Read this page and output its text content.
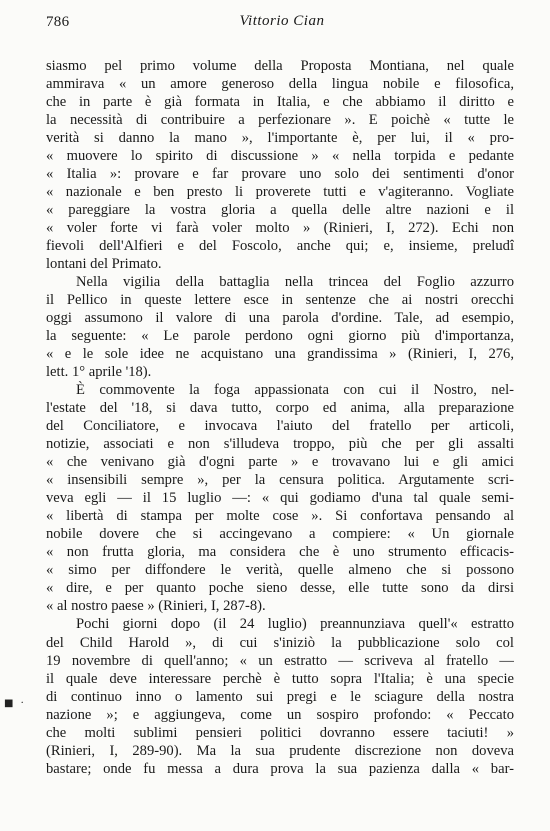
786	Vittorio Cian
siasmo pel primo volume della Proposta Montiana, nel quale
ammirava « un amore generoso della lingua nobile e filosofica,
che in parte è già formata in Italia, e che abbiamo il diritto e
la necessità di contribuire a perfezionare ». E poichè « tutte le
verità si danno la mano », l'importante è, per lui, il « pro-
« muovere lo spirito di discussione » « nella torpida e pedante
« Italia »: provare e far provare uno solo dei sentimenti d'onor
« nazionale e ben presto li proverete tutti e v'agiteranno. Vogliate
« pareggiare la vostra gloria a quella delle altre nazioni e il
« voler forte vi farà voler molto » (Rinieri, I, 272). Echi non
fievoli dell'Alfieri e del Foscolo, anche qui; e, insieme, preludî
lontani del Primato.
Nella vigilia della battaglia nella trincea del Foglio azzurro
il Pellico in queste lettere esce in sentenze che ai nostri orecchi
oggi assumono il valore di una parola d'ordine. Tale, ad esempio,
la seguente: « Le parole perdono ogni giorno più d'importanza,
« e le sole idee ne acquistano una grandissima » (Rinieri, I, 276,
lett. 1° aprile '18).
È commovente la foga appassionata con cui il Nostro, nel-
l'estate del '18, si dava tutto, corpo ed anima, alla preparazione
del Conciliatore, e invocava l'aiuto del fratello per articoli,
notizie, associati e non s'illudeva troppo, più che per gli assalti
« che venivano già d'ogni parte » e trovavano lui e gli amici
« insensibili sempre », per la censura politica. Argutamente scri-
veva egli — il 15 luglio —: « qui godiamo d'una tal quale semi-
« libertà di stampa per molte cose ». Si confortava pensando al
nobile dovere che si accingevano a compiere: « Un giornale
« non frutta gloria, ma considera che è uno strumento efficacis-
« simo per diffondere le verità, quelle almeno che si possono
« dire, e per quanto poche sieno desse, elle tutte sono da dirsi
« al nostro paese » (Rinieri, I, 287-8).
Pochi giorni dopo (il 24 luglio) preannunziava quell'« estratto
del Child Harold », di cui s'iniziò la pubblicazione solo col
19 novembre di quell'anno; « un estratto — scriveva al fratello —
il quale deve interessare perchè è tutto sopra l'Italia; è una specie
di continuo inno o lamento sui pregi e le sciagure della nostra
nazione »; e aggiungeva, come un sospiro profondo: « Peccato
che molti sublimi pensieri politici dovranno essere taciuti! »
(Rinieri, I, 289-90). Ma la sua prudente discrezione non doveva
bastare; onde fu messa a dura prova la sua pazienza dalla « bar-
■ ·
